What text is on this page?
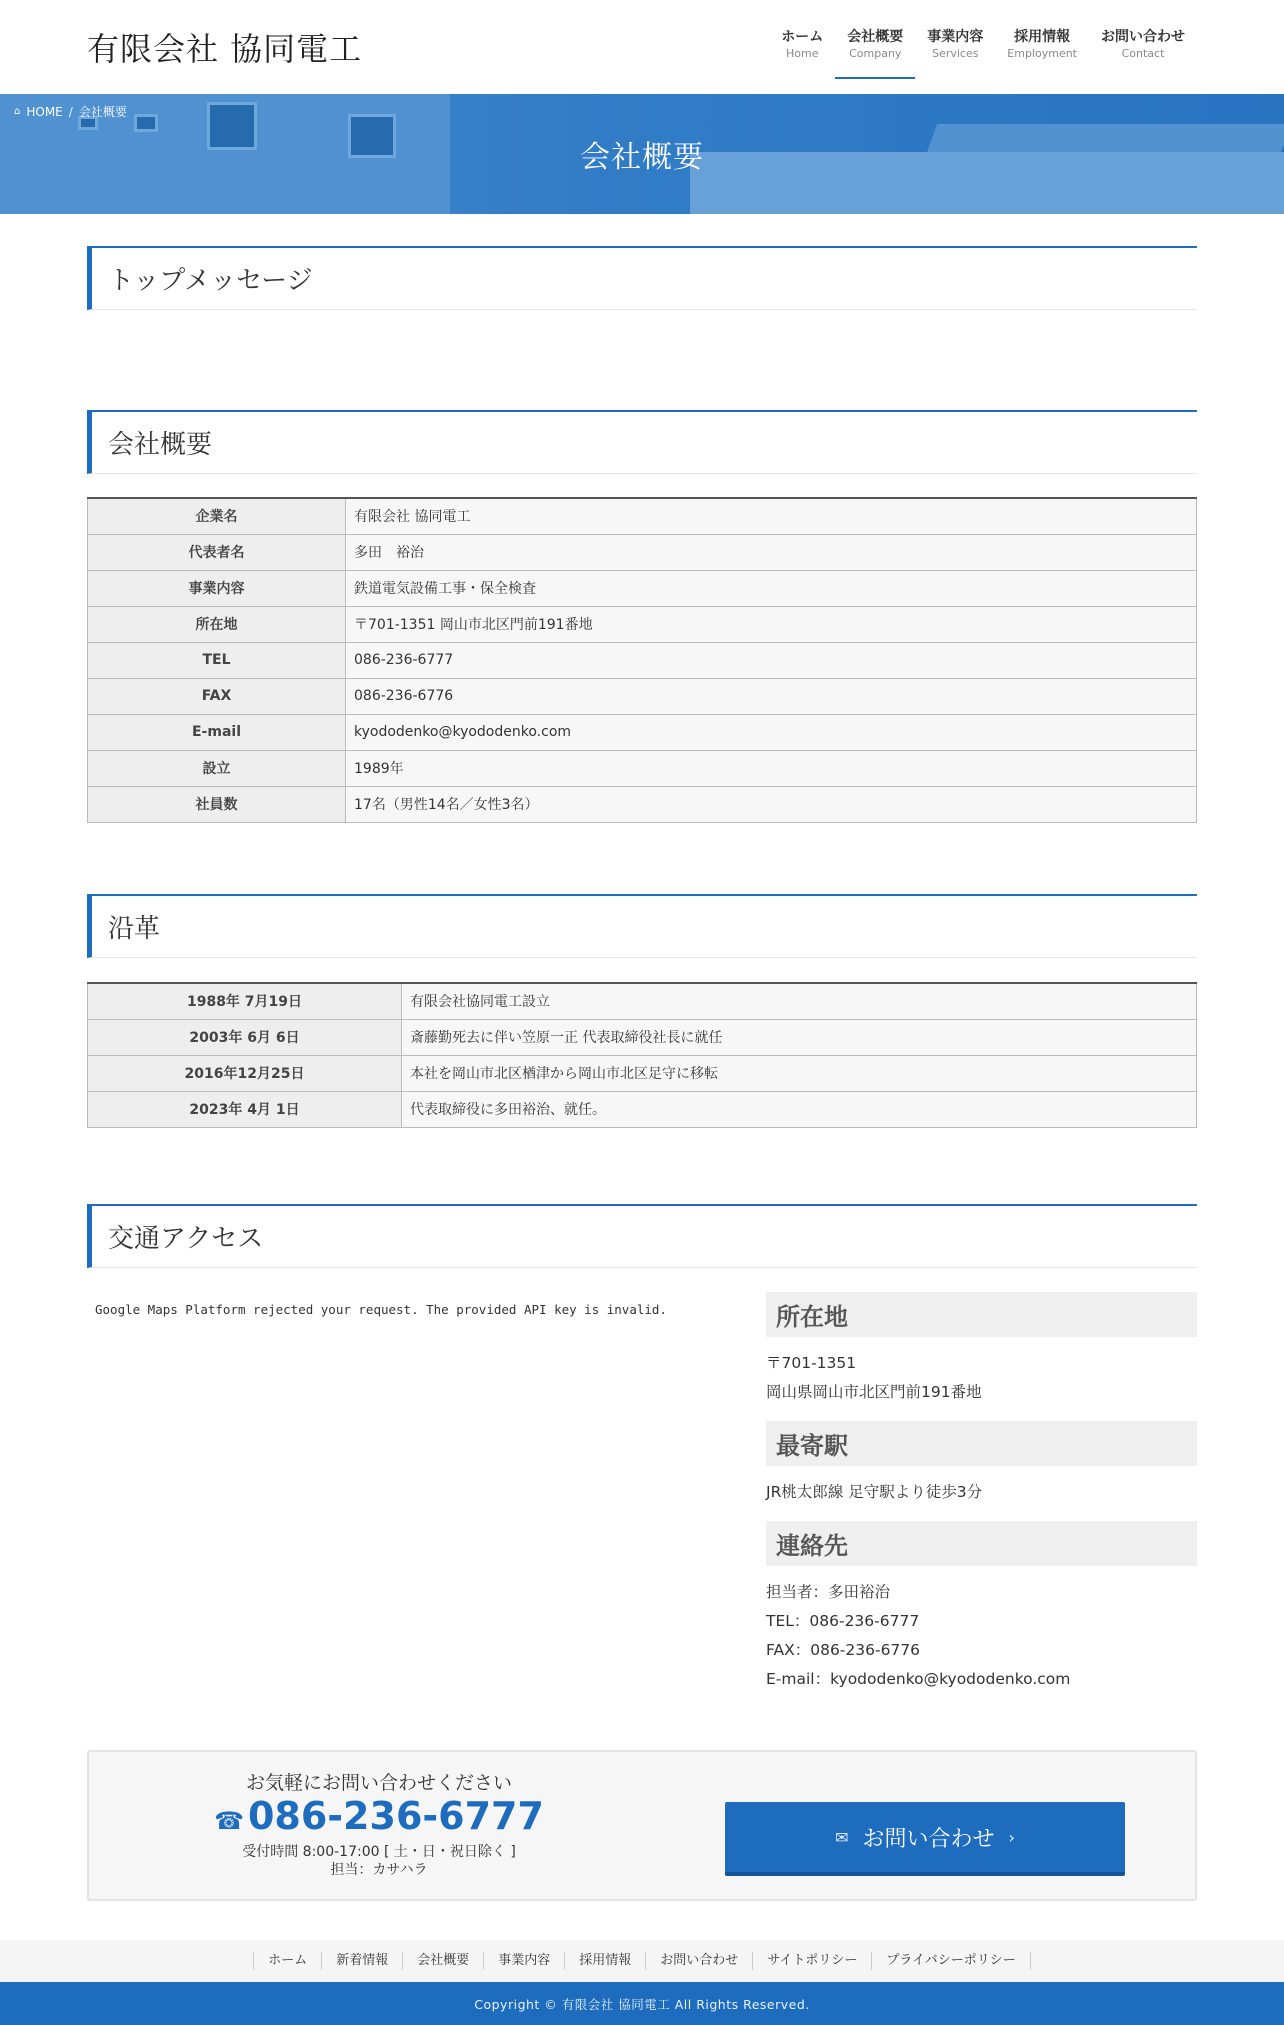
有限会社 協同電工	ホーム
Home
会社概要
Company
事業内容
Services
採用情報
Employment
お問い合わせ
Contact
⌂ HOME / 会社概要
会社概要
トップメッセージ
会社概要
企業名	有限会社 協同電工
代表者名	多田　裕治
事業内容	鉄道電気設備工事・保全検査
所在地	〒701-1351 岡山市北区門前191番地
TEL	086-236-6777
FAX	086-236-6776
E-mail	kyododenko@kyododenko.com
設立	1989年
社員数	17名（男性14名／女性3名）
沿革
1988年 7月19日	有限会社協同電工設立
2003年 6月 6日	斎藤勤死去に伴い笠原一正 代表取締役社長に就任
2016年12月25日	本社を岡山市北区楢津から岡山市北区足守に移転
2023年 4月 1日	代表取締役に多田裕治、就任。
交通アクセス
Google Maps Platform rejected your request. The provided API key is invalid.	所在地
〒701-1351
岡山県岡山市北区門前191番地
最寄駅
JR桃太郎線 足守駅より徒歩3分
連絡先
担当者：多田裕治
TEL：086-236-6777
FAX：086-236-6776
E-mail：kyododenko@kyododenko.com
お気軽にお問い合わせください
☎ 086-236-6777
受付時間 8:00-17:00 [ 土・日・祝日除く ]
担当：カサハラ
✉ お問い合わせ ›
ホーム	新着情報	会社概要	事業内容	採用情報	お問い合わせ	サイトポリシー	プライバシーポリシー
Copyright © 有限会社 協同電工 All Rights Reserved.
